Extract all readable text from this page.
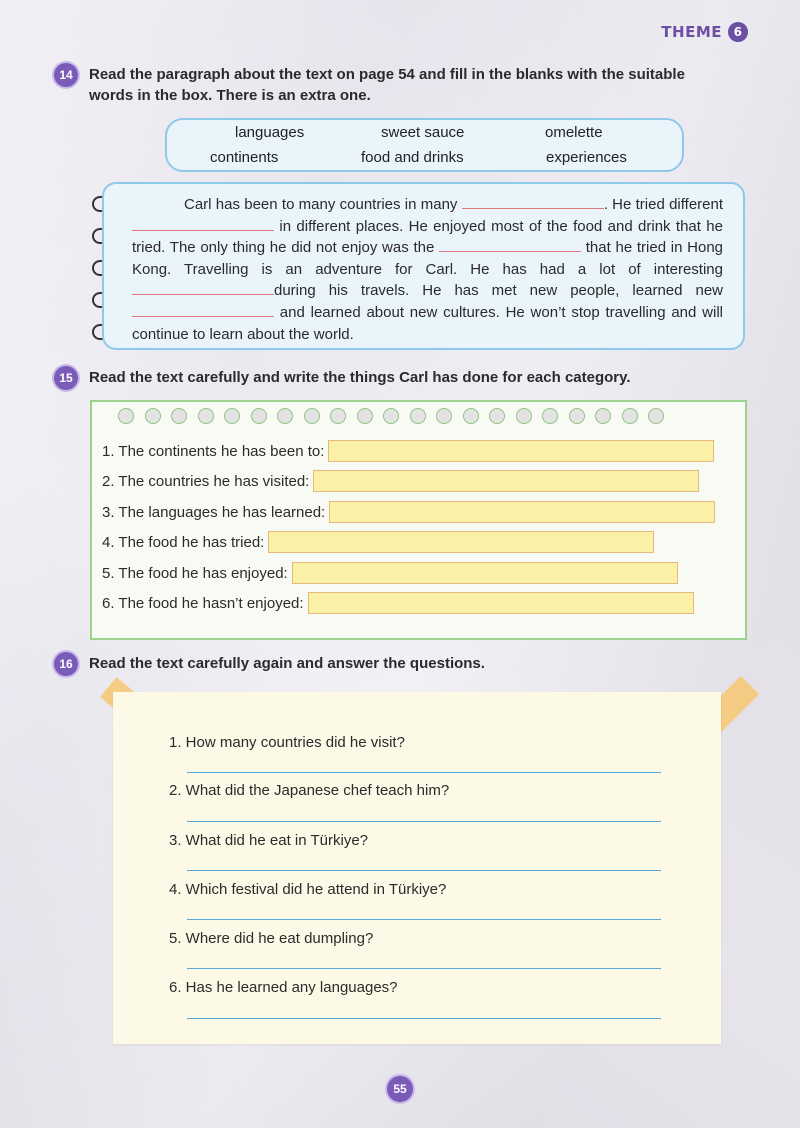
THEME 6
14	Read the paragraph about the text on page 54 and fill in the blanks with the suitable
words in the box. There is an extra one.
languages	sweet sauce	omelette
continents	food and drinks	experiences
Carl has been to many countries in many	. He tried different  in different places. He enjoyed most of the food and drink that he tried. The only thing he did not enjoy was the	that he tried in Hong Kong. Travelling is an adventure for Carl. He has had a lot of interesting during his travels. He has met new people, learned new  and learned about new cultures. He won’t stop travelling and will continue to learn about the world.
15	Read the text carefully and write the things Carl has done for each category.
1. The continents he has been to:
2. The countries he has visited:
3. The languages he has learned:
4. The food he has tried:
5. The food he has enjoyed:
6. The food he hasn’t enjoyed:
16	Read the text carefully again and answer the questions.
1. How many countries did he visit?
2. What did the Japanese chef teach him?
3. What did he eat in Türkiye?
4. Which festival did he attend in Türkiye?
5. Where did he eat dumpling?
6. Has he learned any languages?
55
